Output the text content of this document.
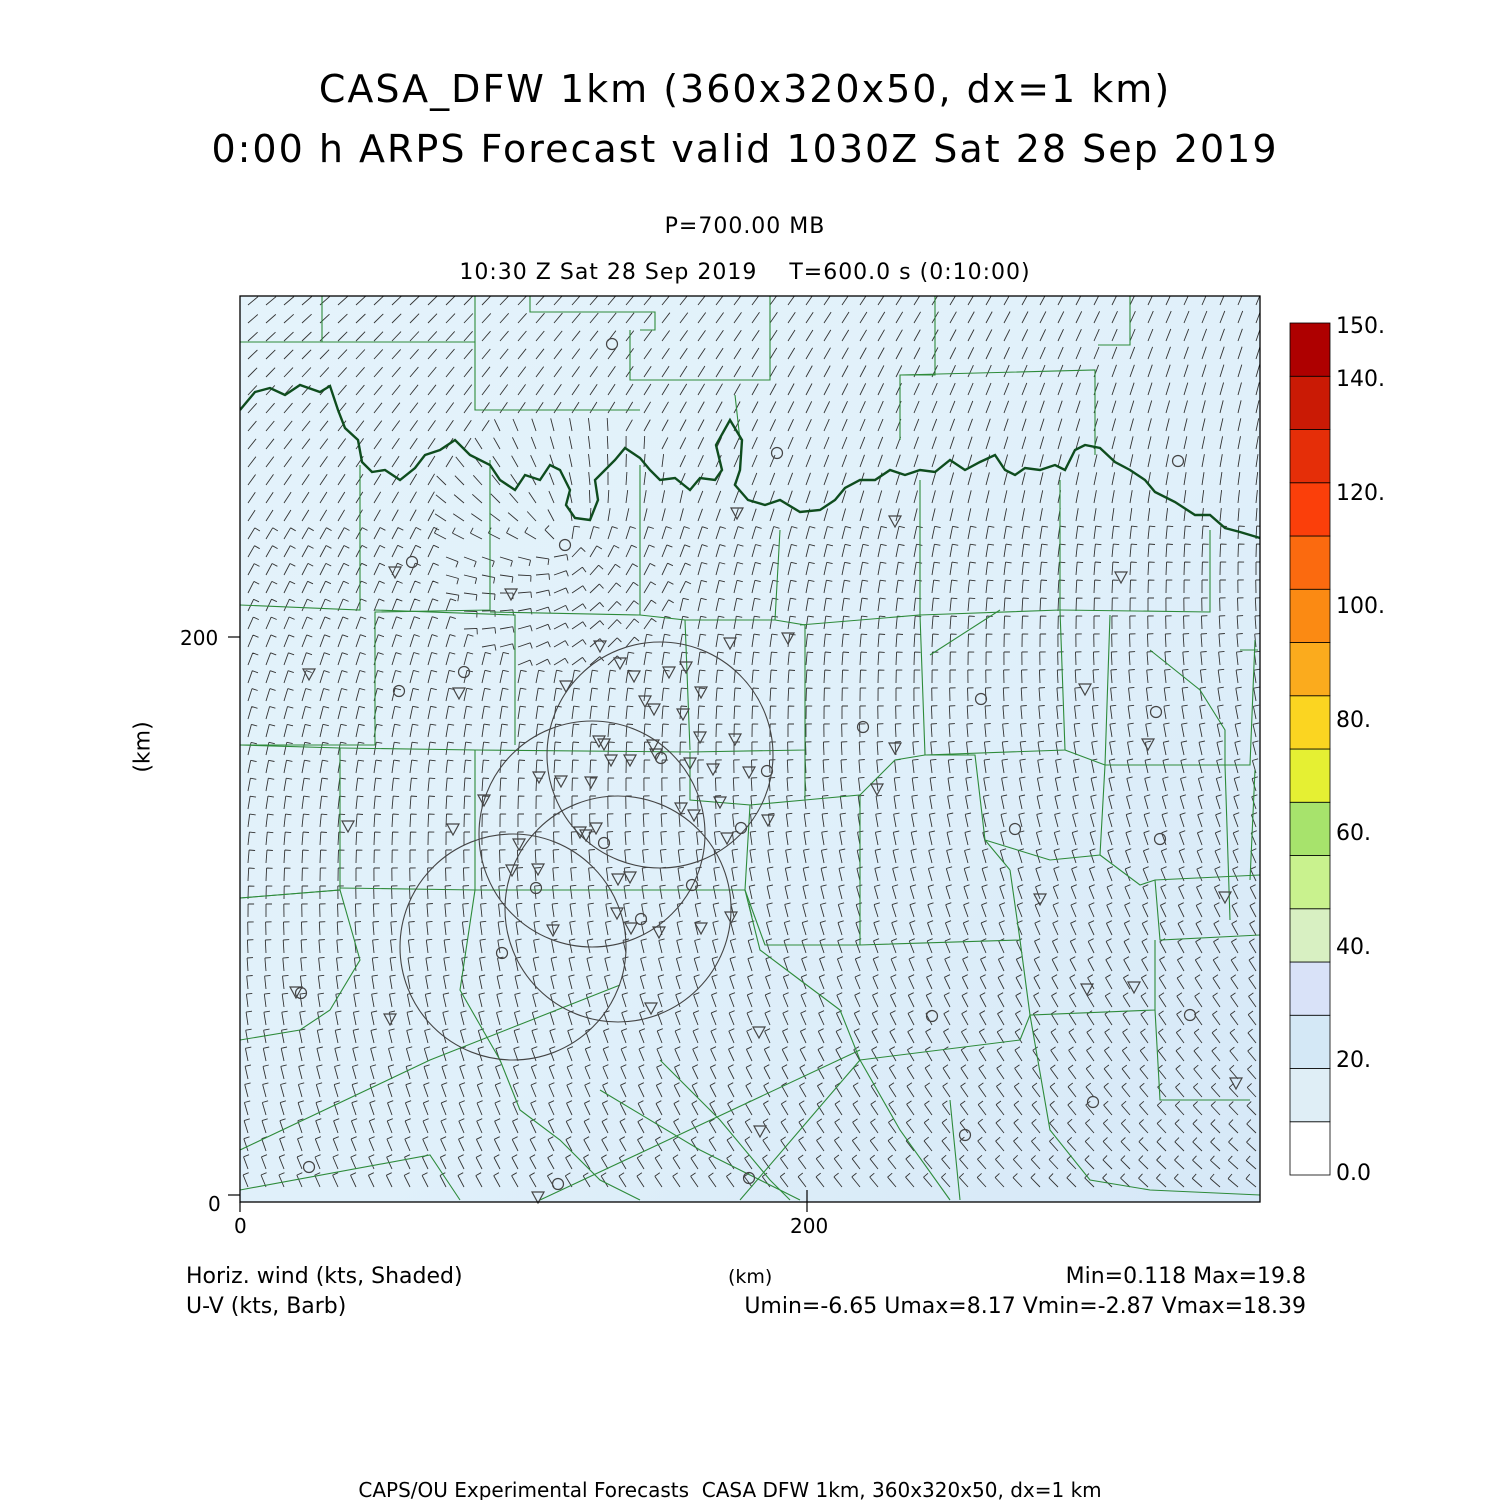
CASA_DFW 1km (360x320x50, dx=1 km)
0:00 h ARPS Forecast valid 1030Z Sat 28 Sep 2019
P=700.00 MB
10:30 Z Sat 28 Sep 2019    T=600.0 s (0:10:00)
0	200
0
200
(km)
150.
140.
120.
100.
80.
60.
40.
20.
0.0
Horiz. wind (kts, Shaded)
U-V (kts, Barb)
(km)	Min=0.118 Max=19.8
Umin=-6.65 Umax=8.17 Vmin=-2.87 Vmax=18.39
CAPS/OU Experimental Forecasts  CASA DFW 1km, 360x320x50, dx=1 km
